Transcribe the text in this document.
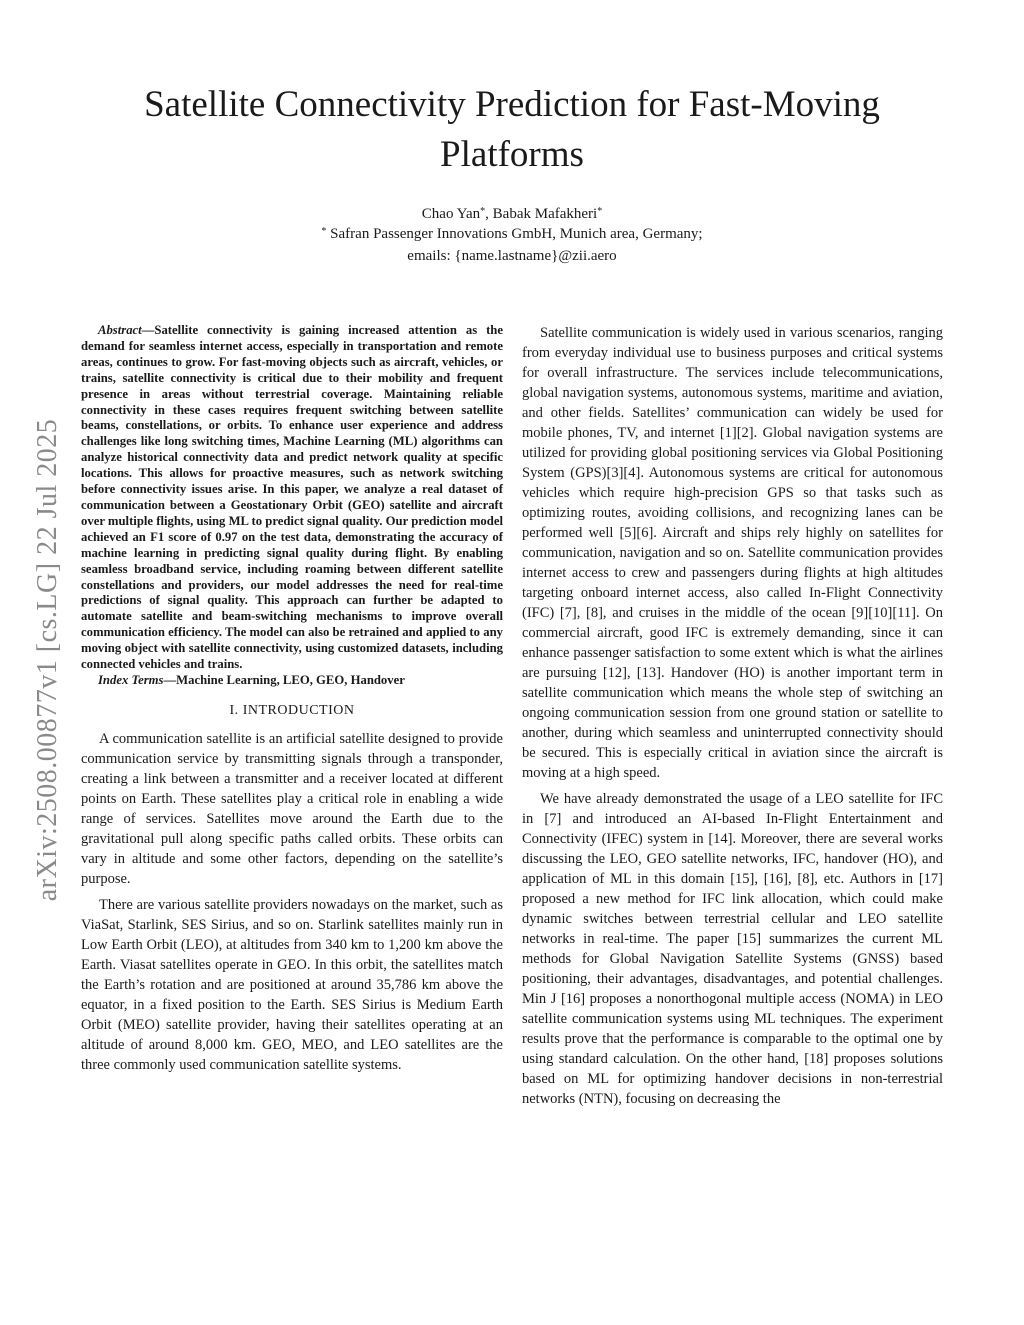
arXiv:2508.00877v1 [cs.LG] 22 Jul 2025
Satellite Connectivity Prediction for Fast-Moving Platforms
Chao Yan*, Babak Mafakheri*
* Safran Passenger Innovations GmbH, Munich area, Germany;
emails: {name.lastname}@zii.aero

Abstract—Satellite connectivity is gaining increased attention as the demand for seamless internet access, especially in transportation and remote areas, continues to grow. For fast-moving objects such as aircraft, vehicles, or trains, satellite connectivity is critical due to their mobility and frequent presence in areas without terrestrial coverage. Maintaining reliable connectivity in these cases requires frequent switching between satellite beams, constellations, or orbits. To enhance user experience and address challenges like long switching times, Machine Learning (ML) algorithms can analyze historical connectivity data and predict network quality at specific locations. This allows for proactive measures, such as network switching before connectivity issues arise. In this paper, we analyze a real dataset of communication between a Geostationary Orbit (GEO) satellite and aircraft over multiple flights, using ML to predict signal quality. Our prediction model achieved an F1 score of 0.97 on the test data, demonstrating the accuracy of machine learning in predicting signal quality during flight. By enabling seamless broadband service, including roaming between different satellite constellations and providers, our model addresses the need for real-time predictions of signal quality. This approach can further be adapted to automate satellite and beam-switching mechanisms to improve overall communication efficiency. The model can also be retrained and applied to any moving object with satellite connectivity, using customized datasets, including connected vehicles and trains.

Index Terms—Machine Learning, LEO, GEO, Handover

I. INTRODUCTION

A communication satellite is an artificial satellite designed to provide communication service by transmitting signals through a transponder, creating a link between a transmitter and a receiver located at different points on Earth. These satellites play a critical role in enabling a wide range of services. Satellites move around the Earth due to the gravitational pull along specific paths called orbits. These orbits can vary in altitude and some other factors, depending on the satellite’s purpose.

There are various satellite providers nowadays on the market, such as ViaSat, Starlink, SES Sirius, and so on. Starlink satellites mainly run in Low Earth Orbit (LEO), at altitudes from 340 km to 1,200 km above the Earth. Viasat satellites operate in GEO. In this orbit, the satellites match the Earth’s rotation and are positioned at around 35,786 km above the equator, in a fixed position to the Earth. SES Sirius is Medium Earth Orbit (MEO) satellite provider, having their satellites operating at an altitude of around 8,000 km. GEO, MEO, and LEO satellites are the three commonly used communication satellite systems.

Satellite communication is widely used in various scenarios, ranging from everyday individual use to business purposes and critical systems for overall infrastructure. The services include telecommunications, global navigation systems, autonomous systems, maritime and aviation, and other fields. Satellites’ communication can widely be used for mobile phones, TV, and internet [1][2]. Global navigation systems are utilized for providing global positioning services via Global Positioning System (GPS)[3][4]. Autonomous systems are critical for autonomous vehicles which require high-precision GPS so that tasks such as optimizing routes, avoiding collisions, and recognizing lanes can be performed well [5][6]. Aircraft and ships rely highly on satellites for communication, navigation and so on. Satellite communication provides internet access to crew and passengers during flights at high altitudes targeting onboard internet access, also called In-Flight Connectivity (IFC) [7], [8], and cruises in the middle of the ocean [9][10][11]. On commercial aircraft, good IFC is extremely demanding, since it can enhance passenger satisfaction to some extent which is what the airlines are pursuing [12], [13]. Handover (HO) is another important term in satellite communication which means the whole step of switching an ongoing communication session from one ground station or satellite to another, during which seamless and uninterrupted connectivity should be secured. This is especially critical in aviation since the aircraft is moving at a high speed.

We have already demonstrated the usage of a LEO satellite for IFC in [7] and introduced an AI-based In-Flight Entertainment and Connectivity (IFEC) system in [14]. Moreover, there are several works discussing the LEO, GEO satellite networks, IFC, handover (HO), and application of ML in this domain [15], [16], [8], etc. Authors in [17] proposed a new method for IFC link allocation, which could make dynamic switches between terrestrial cellular and LEO satellite networks in real-time. The paper [15] summarizes the current ML methods for Global Navigation Satellite Systems (GNSS) based positioning, their advantages, disadvantages, and potential challenges. Min J [16] proposes a nonorthogonal multiple access (NOMA) in LEO satellite communication systems using ML techniques. The experiment results prove that the performance is comparable to the optimal one by using standard calculation. On the other hand, [18] proposes solutions based on ML for optimizing handover decisions in non-terrestrial networks (NTN), focusing on decreasing the
